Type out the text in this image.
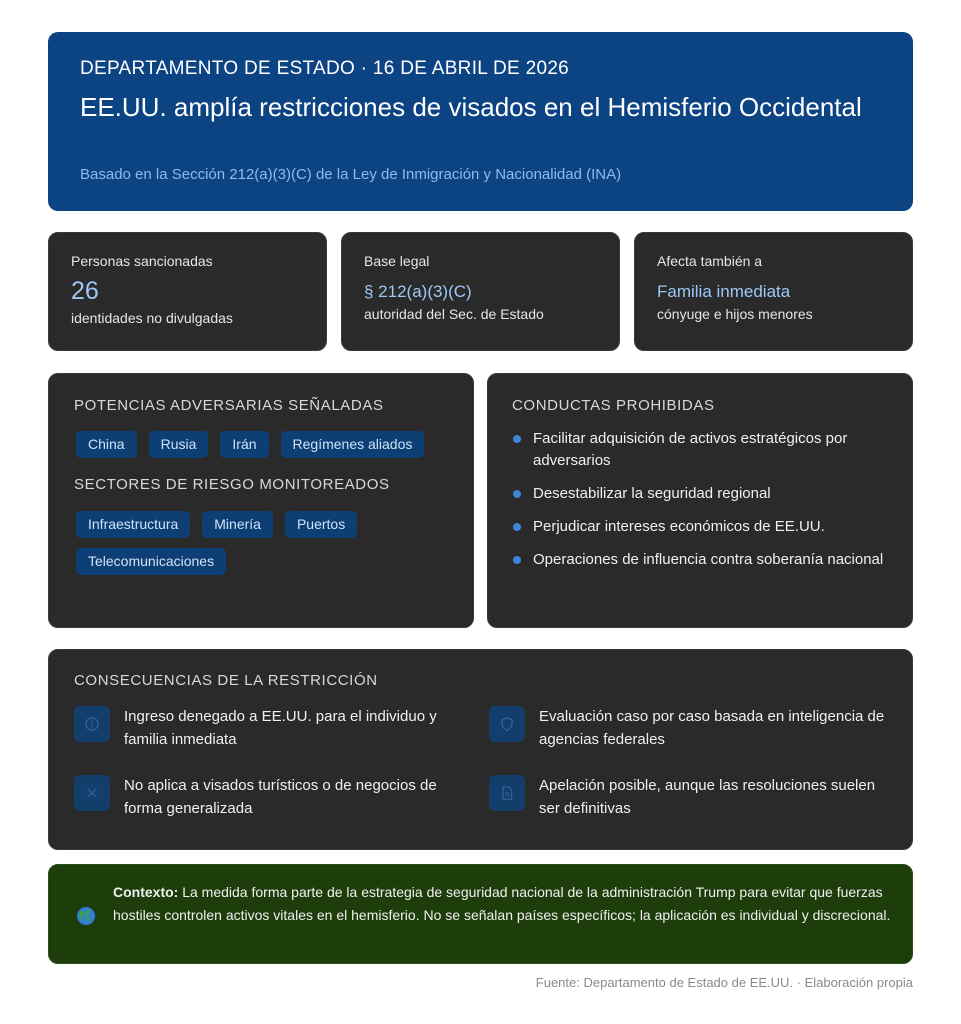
DEPARTAMENTO DE ESTADO · 16 DE ABRIL DE 2026
EE.UU. amplía restricciones de visados en el Hemisferio Occidental
Basado en la Sección 212(a)(3)(C) de la Ley de Inmigración y Nacionalidad (INA)
Personas sancionadas
26
identidades no divulgadas
Base legal
§ 212(a)(3)(C)
autoridad del Sec. de Estado
Afecta también a
Familia inmediata
cónyuge e hijos menores
POTENCIAS ADVERSARIAS SEÑALADAS
China	Rusia	Irán	Regímenes aliados
SECTORES DE RIESGO MONITOREADOS
Infraestructura	Minería	Puertos
Telecomunicaciones
CONDUCTAS PROHIBIDAS
Facilitar adquisición de activos estratégicos por adversarios
Desestabilizar la seguridad regional
Perjudicar intereses económicos de EE.UU.
Operaciones de influencia contra soberanía nacional
CONSECUENCIAS DE LA RESTRICCIÓN
Ingreso denegado a EE.UU. para el individuo y familia inmediata
Evaluación caso por caso basada en inteligencia de agencias federales
No aplica a visados turísticos o de negocios de forma generalizada
Apelación posible, aunque las resoluciones suelen ser definitivas
Contexto: La medida forma parte de la estrategia de seguridad nacional de la administración Trump para evitar que fuerzas hostiles controlen activos vitales en el hemisferio. No se señalan países específicos; la aplicación es individual y discrecional.
Fuente: Departamento de Estado de EE.UU. · Elaboración propia
